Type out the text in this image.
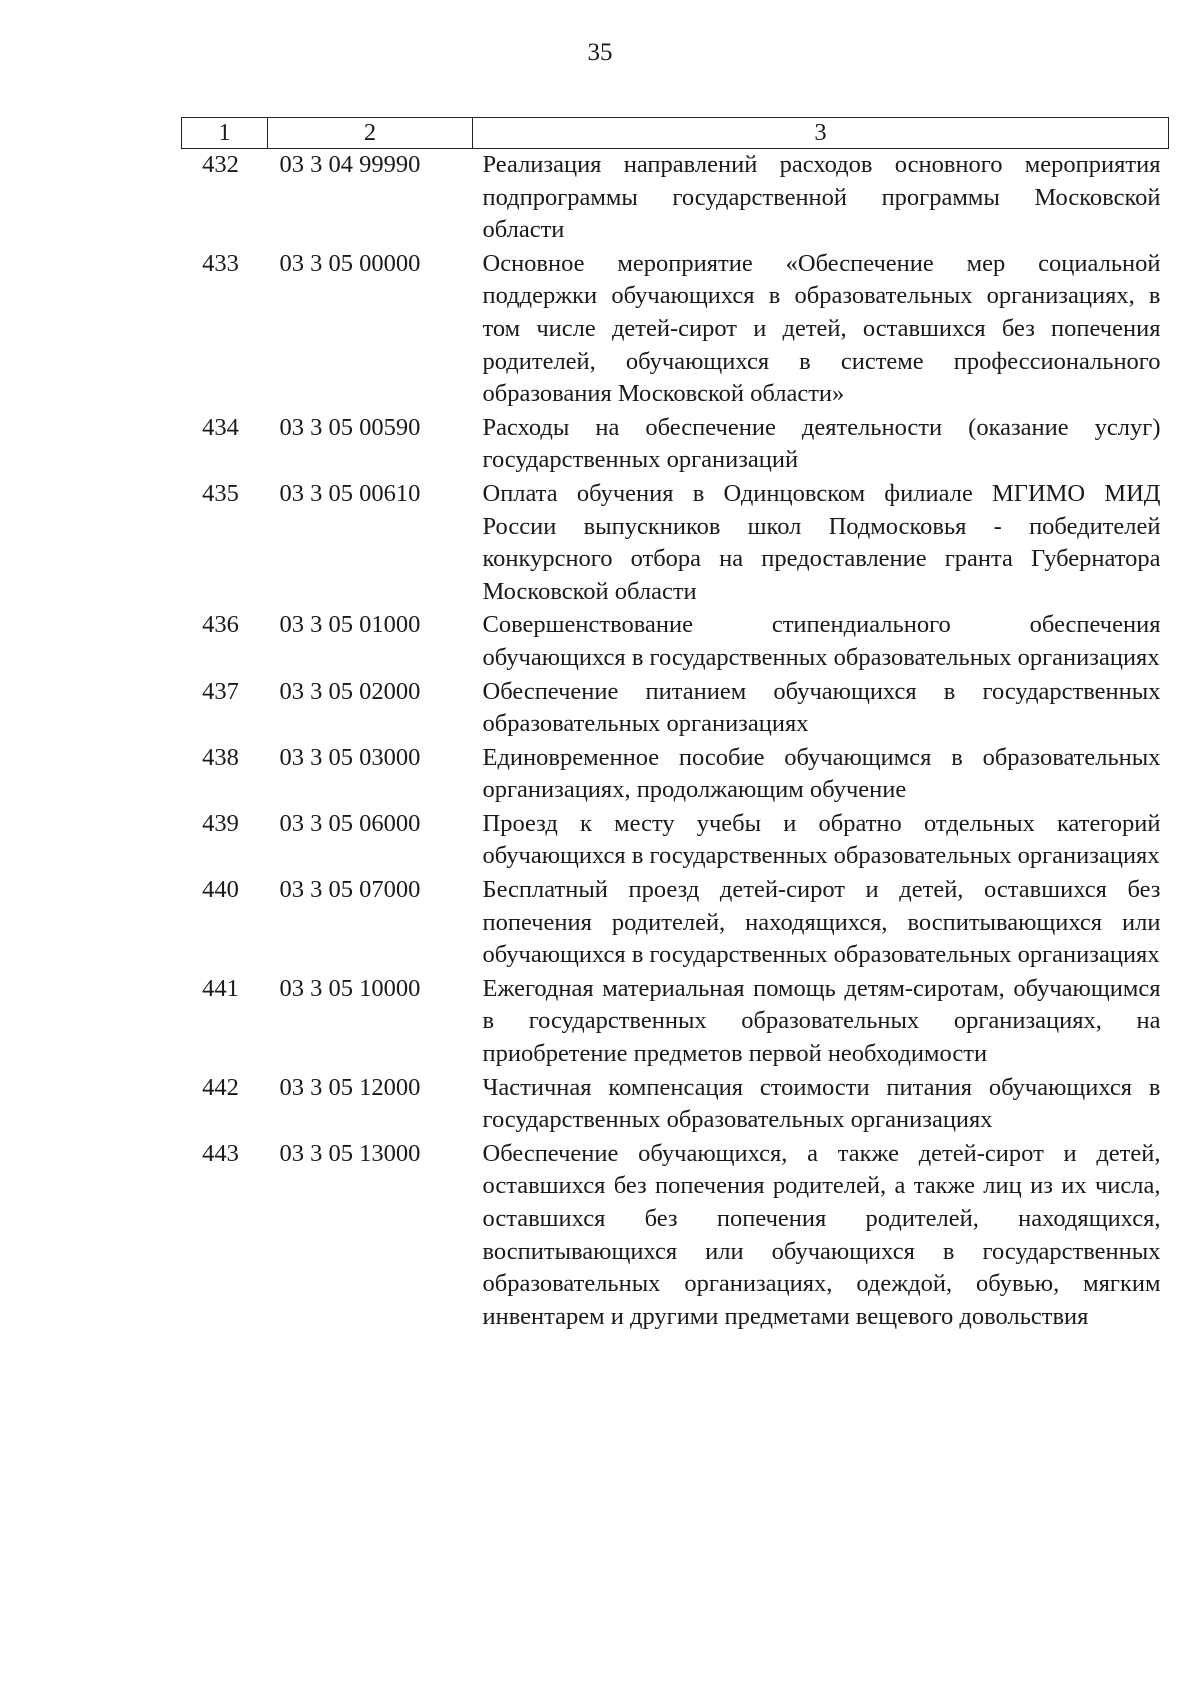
35
1	2	3
432	03 3 04 99990	Реализация направлений расходов основного мероприятия подпрограммы государственной программы Московской области
433	03 3 05 00000	Основное мероприятие «Обеспечение мер социальной поддержки обучающихся в образовательных организациях, в том числе детей-сирот и детей, оставшихся без попечения родителей, обучающихся в системе профессионального образования Московской области»
434	03 3 05 00590	Расходы на обеспечение деятельности (оказание услуг) государственных организаций
435	03 3 05 00610	Оплата обучения в Одинцовском филиале МГИМО МИД России выпускников школ Подмосковья - победителей конкурсного отбора на предоставление гранта Губернатора Московской области
436	03 3 05 01000	Совершенствование стипендиального обеспечения обучающихся в государственных образовательных организациях
437	03 3 05 02000	Обеспечение питанием обучающихся в государственных образовательных организациях
438	03 3 05 03000	Единовременное пособие обучающимся в образовательных организациях, продолжающим обучение
439	03 3 05 06000	Проезд к месту учебы и обратно отдельных категорий обучающихся в государственных образовательных организациях
440	03 3 05 07000	Бесплатный проезд детей-сирот и детей, оставшихся без попечения родителей, находящихся, воспитывающихся или обучающихся в государственных образовательных организациях
441	03 3 05 10000	Ежегодная материальная помощь детям-сиротам, обучающимся в государственных образовательных организациях, на приобретение предметов первой необходимости
442	03 3 05 12000	Частичная компенсация стоимости питания обучающихся в государственных образовательных организациях
443	03 3 05 13000	Обеспечение обучающихся, а также детей-сирот и детей, оставшихся без попечения родителей, а также лиц из их числа, оставшихся без попечения родителей, находящихся, воспитывающихся или обучающихся в государственных образовательных организациях, одеждой, обувью, мягким инвентарем и другими предметами вещевого довольствия
